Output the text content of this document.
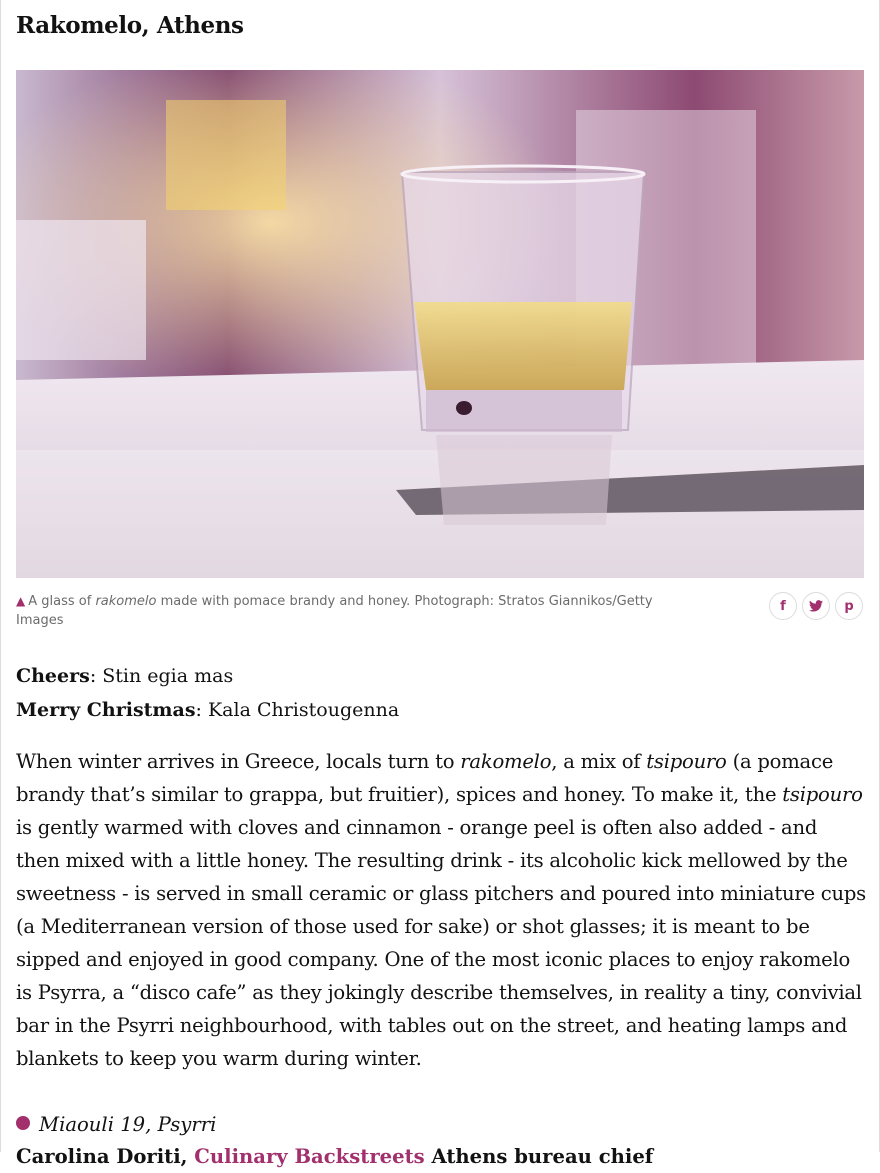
Rakomelo, Athens
▲ A glass of rakomelo made with pomace brandy and honey. Photograph: Stratos Giannikos/Getty Images
f	p
Cheers: Stin egia mas
Merry Christmas: Kala Christougenna

When winter arrives in Greece, locals turn to rakomelo, a mix of tsipouro (a pomace brandy that’s similar to grappa, but fruitier), spices and honey. To make it, the tsipouro is gently warmed with cloves and cinnamon - orange peel is often also added - and then mixed with a little honey. The resulting drink - its alcoholic kick mellowed by the sweetness - is served in small ceramic or glass pitchers and poured into miniature cups (a Mediterranean version of those used for sake) or shot glasses; it is meant to be sipped and enjoyed in good company. One of the most iconic places to enjoy rakomelo is Psyrra, a “disco cafe” as they jokingly describe themselves, in reality a tiny, convivial bar in the Psyrri neighbourhood, with tables out on the street, and heating lamps and blankets to keep you warm during winter.

Miaouli 19, Psyrri
Carolina Doriti, Culinary Backstreets Athens bureau chief
